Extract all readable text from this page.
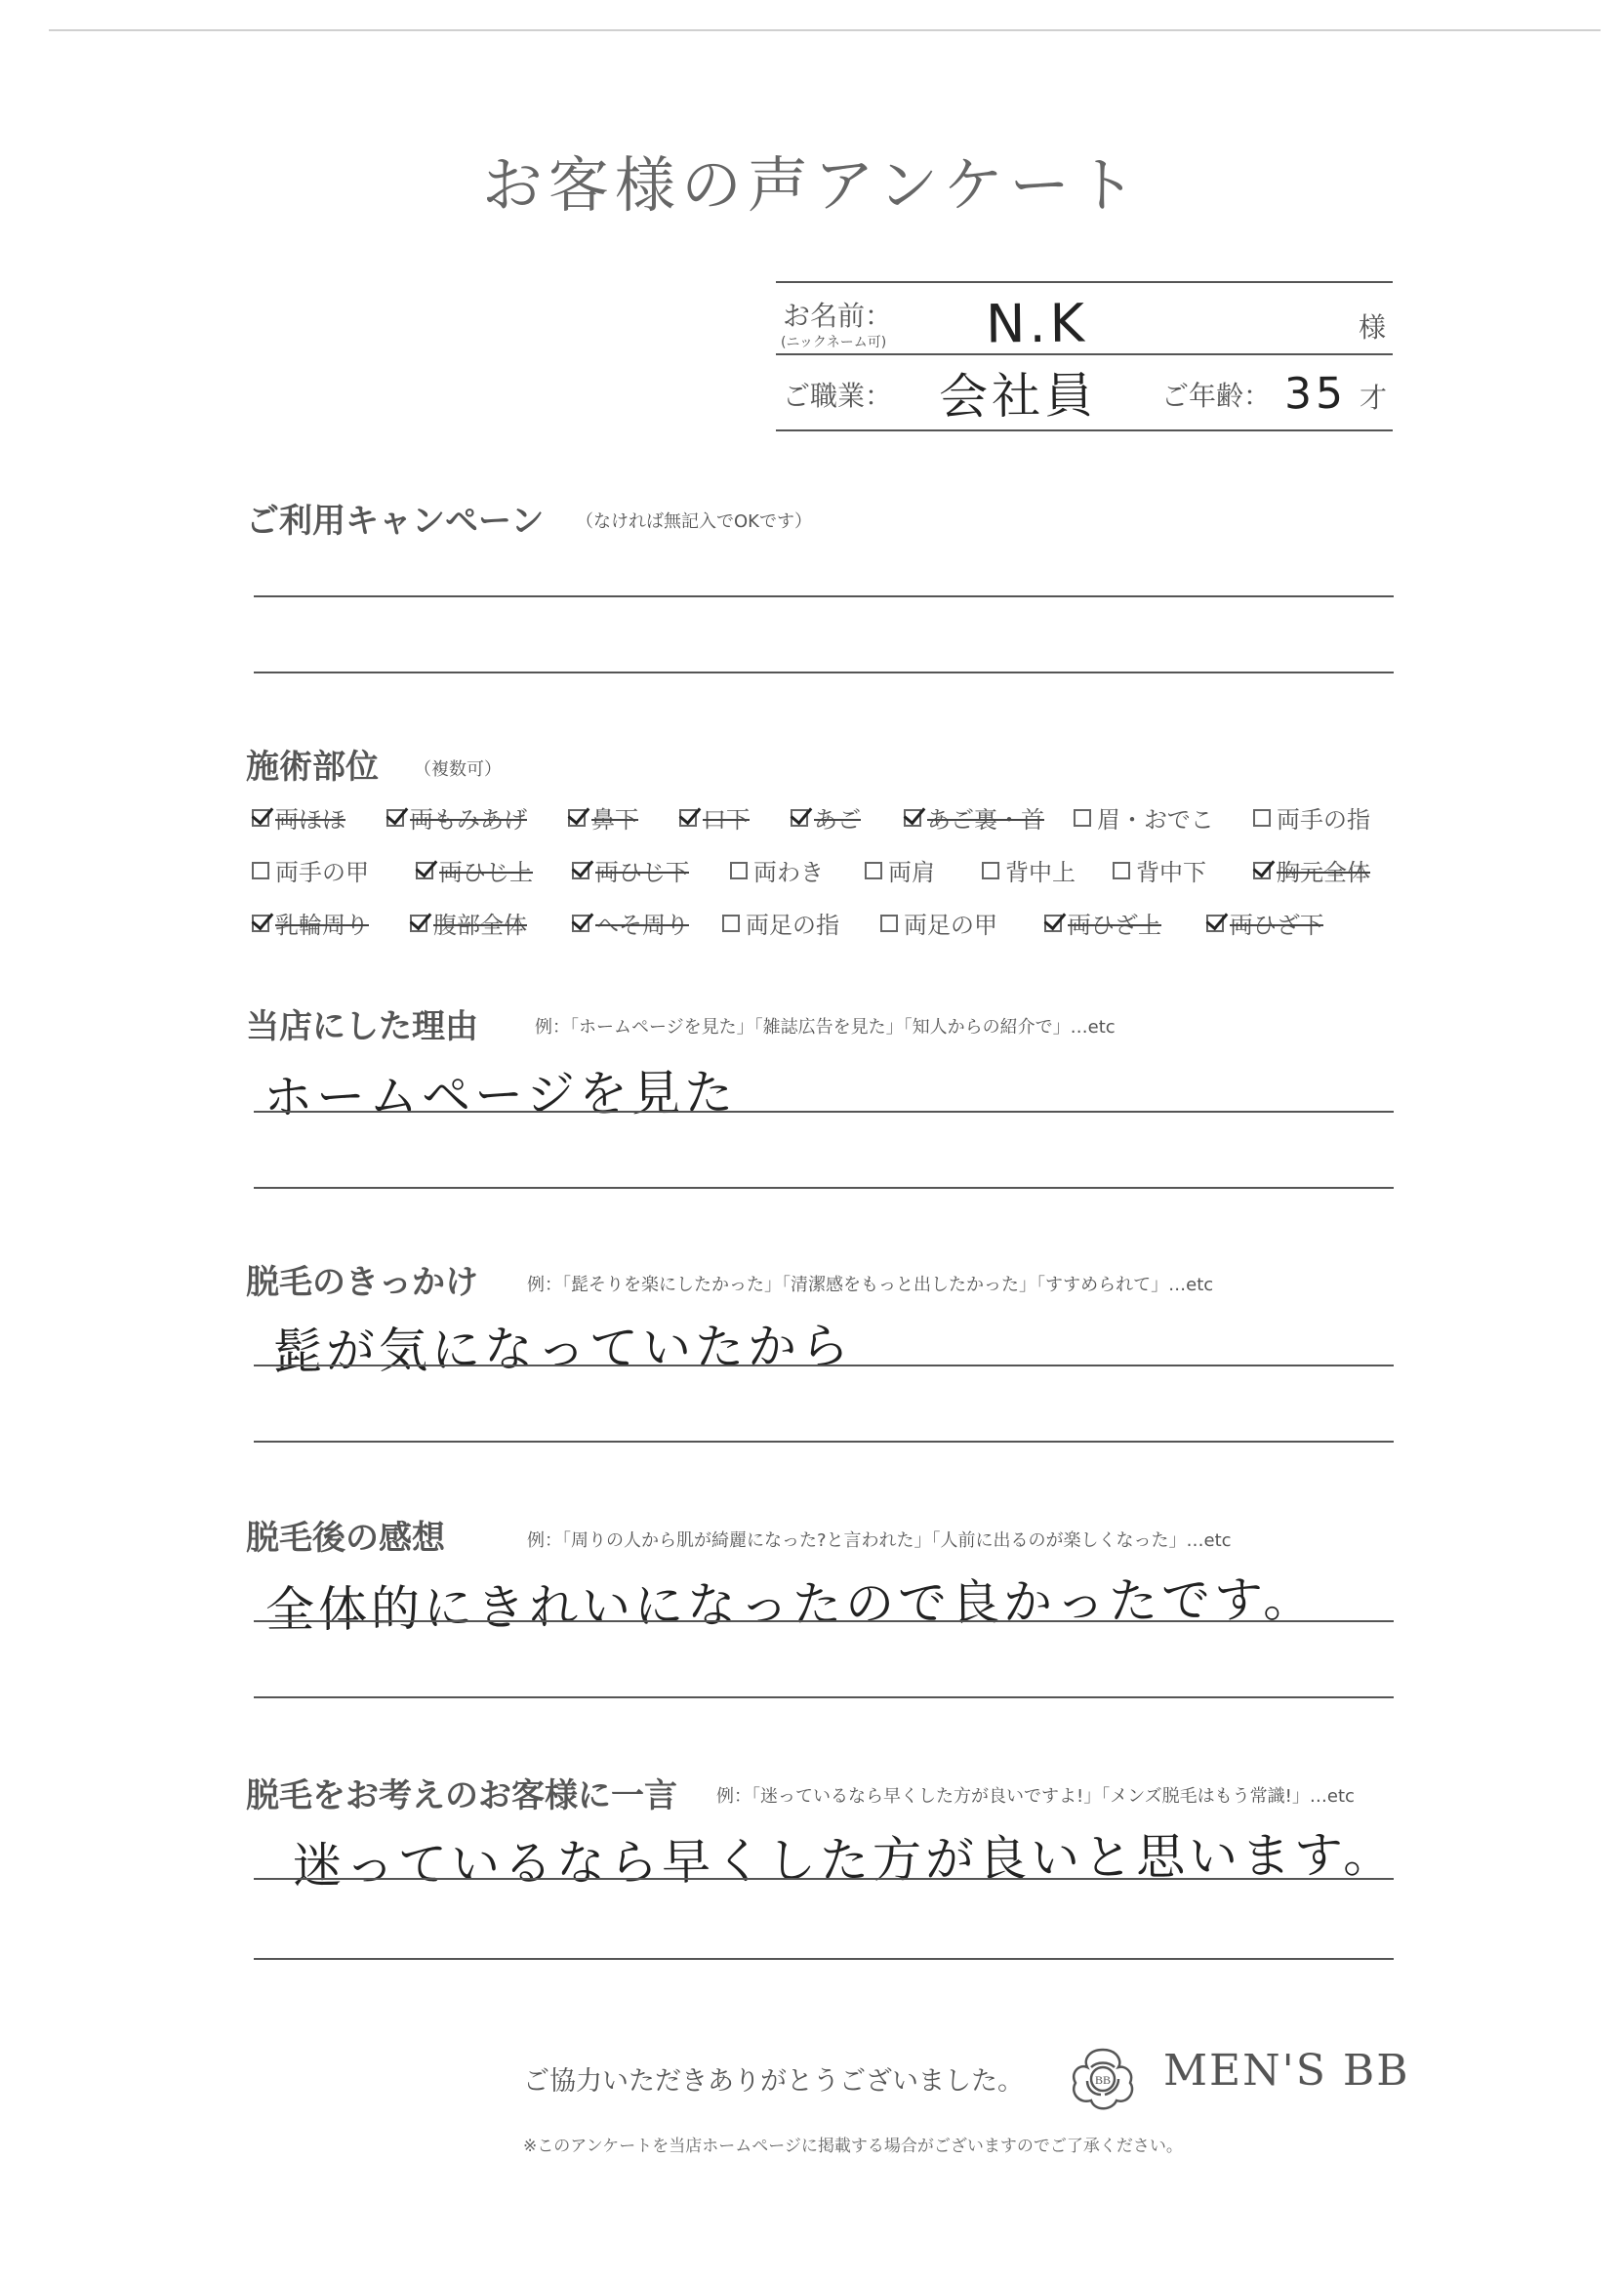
お客様の声アンケート
お名前：
(ニックネーム可) N.K	様
ご職業： 会社員 ご年齢： 35 才
ご利用キャンペーン （なければ無記入でOKです）
施術部位 （複数可）
両ほほ	両もみあげ	鼻下	口下	あご	あご裏・首 眉・おでこ	両手の指
両手の甲	両ひじ上	両ひじ下	両わき	両肩	背中上	背中下	胸元全体
乳輪周り	腹部全体	へそ周り 両足の指	両足の甲	両ひざ上	両ひざ下
当店にした理由	例：「ホームページを見た」「雑誌広告を見た」「知人からの紹介で」…etc
ホームページを見た
脱毛のきっかけ	例：「髭そりを楽にしたかった」「清潔感をもっと出したかった」「すすめられて」…etc
髭が気になっていたから
脱毛後の感想	例：「周りの人から肌が綺麗になった?と言われた」「人前に出るのが楽しくなった」…etc
全体的にきれいになったので良かったです。
脱毛をお考えのお客様に一言 例：「迷っているなら早くした方が良いですよ!」「メンズ脱毛はもう常識!」…etc
迷っているなら早くした方が良いと思います。
ご協力いただきありがとうございました。	BB MEN'S BB
※このアンケートを当店ホームページに掲載する場合がございますのでご了承ください。
